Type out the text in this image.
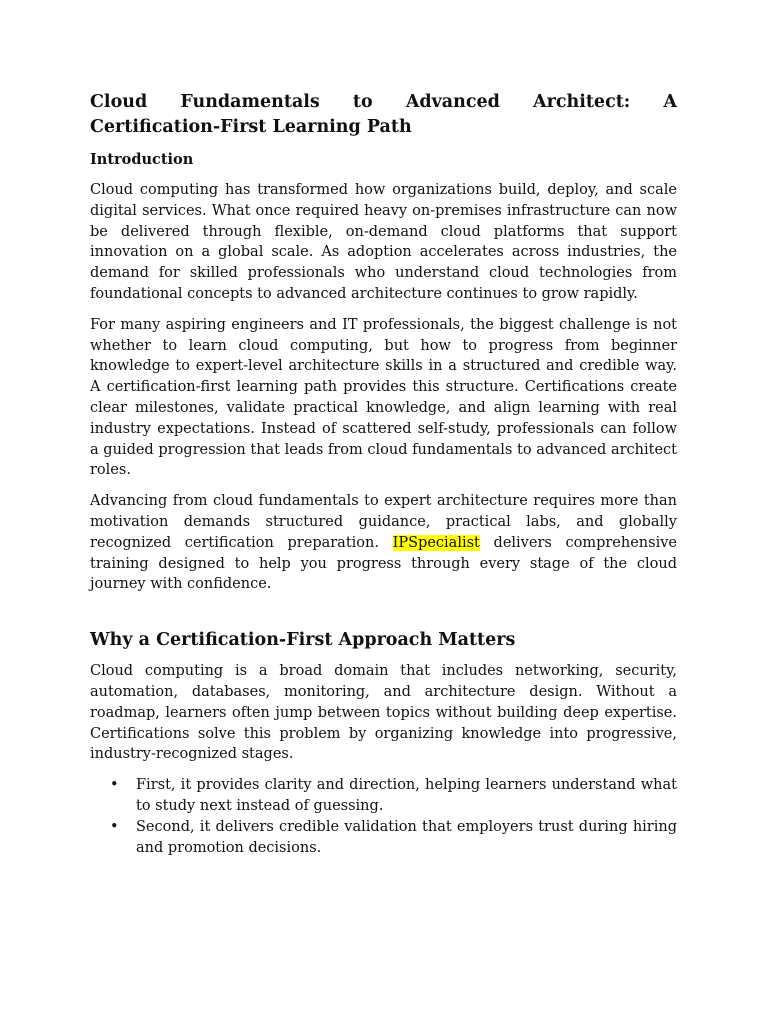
Cloud Fundamentals to Advanced Architect: A Certification-First Learning Path
Introduction

Cloud computing has transformed how organizations build, deploy, and scale digital services. What once required heavy on-premises infrastructure can now be delivered through flexible, on-demand cloud platforms that support innovation on a global scale. As adoption accelerates across industries, the demand for skilled professionals who understand cloud technologies from foundational concepts to advanced architecture continues to grow rapidly.

For many aspiring engineers and IT professionals, the biggest challenge is not whether to learn cloud computing, but how to progress from beginner knowledge to expert-level architecture skills in a structured and credible way. A certification-first learning path provides this structure. Certifications create clear milestones, validate practical knowledge, and align learning with real industry expectations. Instead of scattered self-study, professionals can follow a guided progression that leads from cloud fundamentals to advanced architect roles.

Advancing from cloud fundamentals to expert architecture requires more than motivation demands structured guidance, practical labs, and globally recognized certification preparation. IPSpecialist delivers comprehensive training designed to help you progress through every stage of the cloud journey with confidence.

Why a Certification-First Approach Matters

Cloud computing is a broad domain that includes networking, security, automation, databases, monitoring, and architecture design. Without a roadmap, learners often jump between topics without building deep expertise. Certifications solve this problem by organizing knowledge into progressive, industry-recognized stages.

• First, it provides clarity and direction, helping learners understand what to study next instead of guessing.
• Second, it delivers credible validation that employers trust during hiring and promotion decisions.
